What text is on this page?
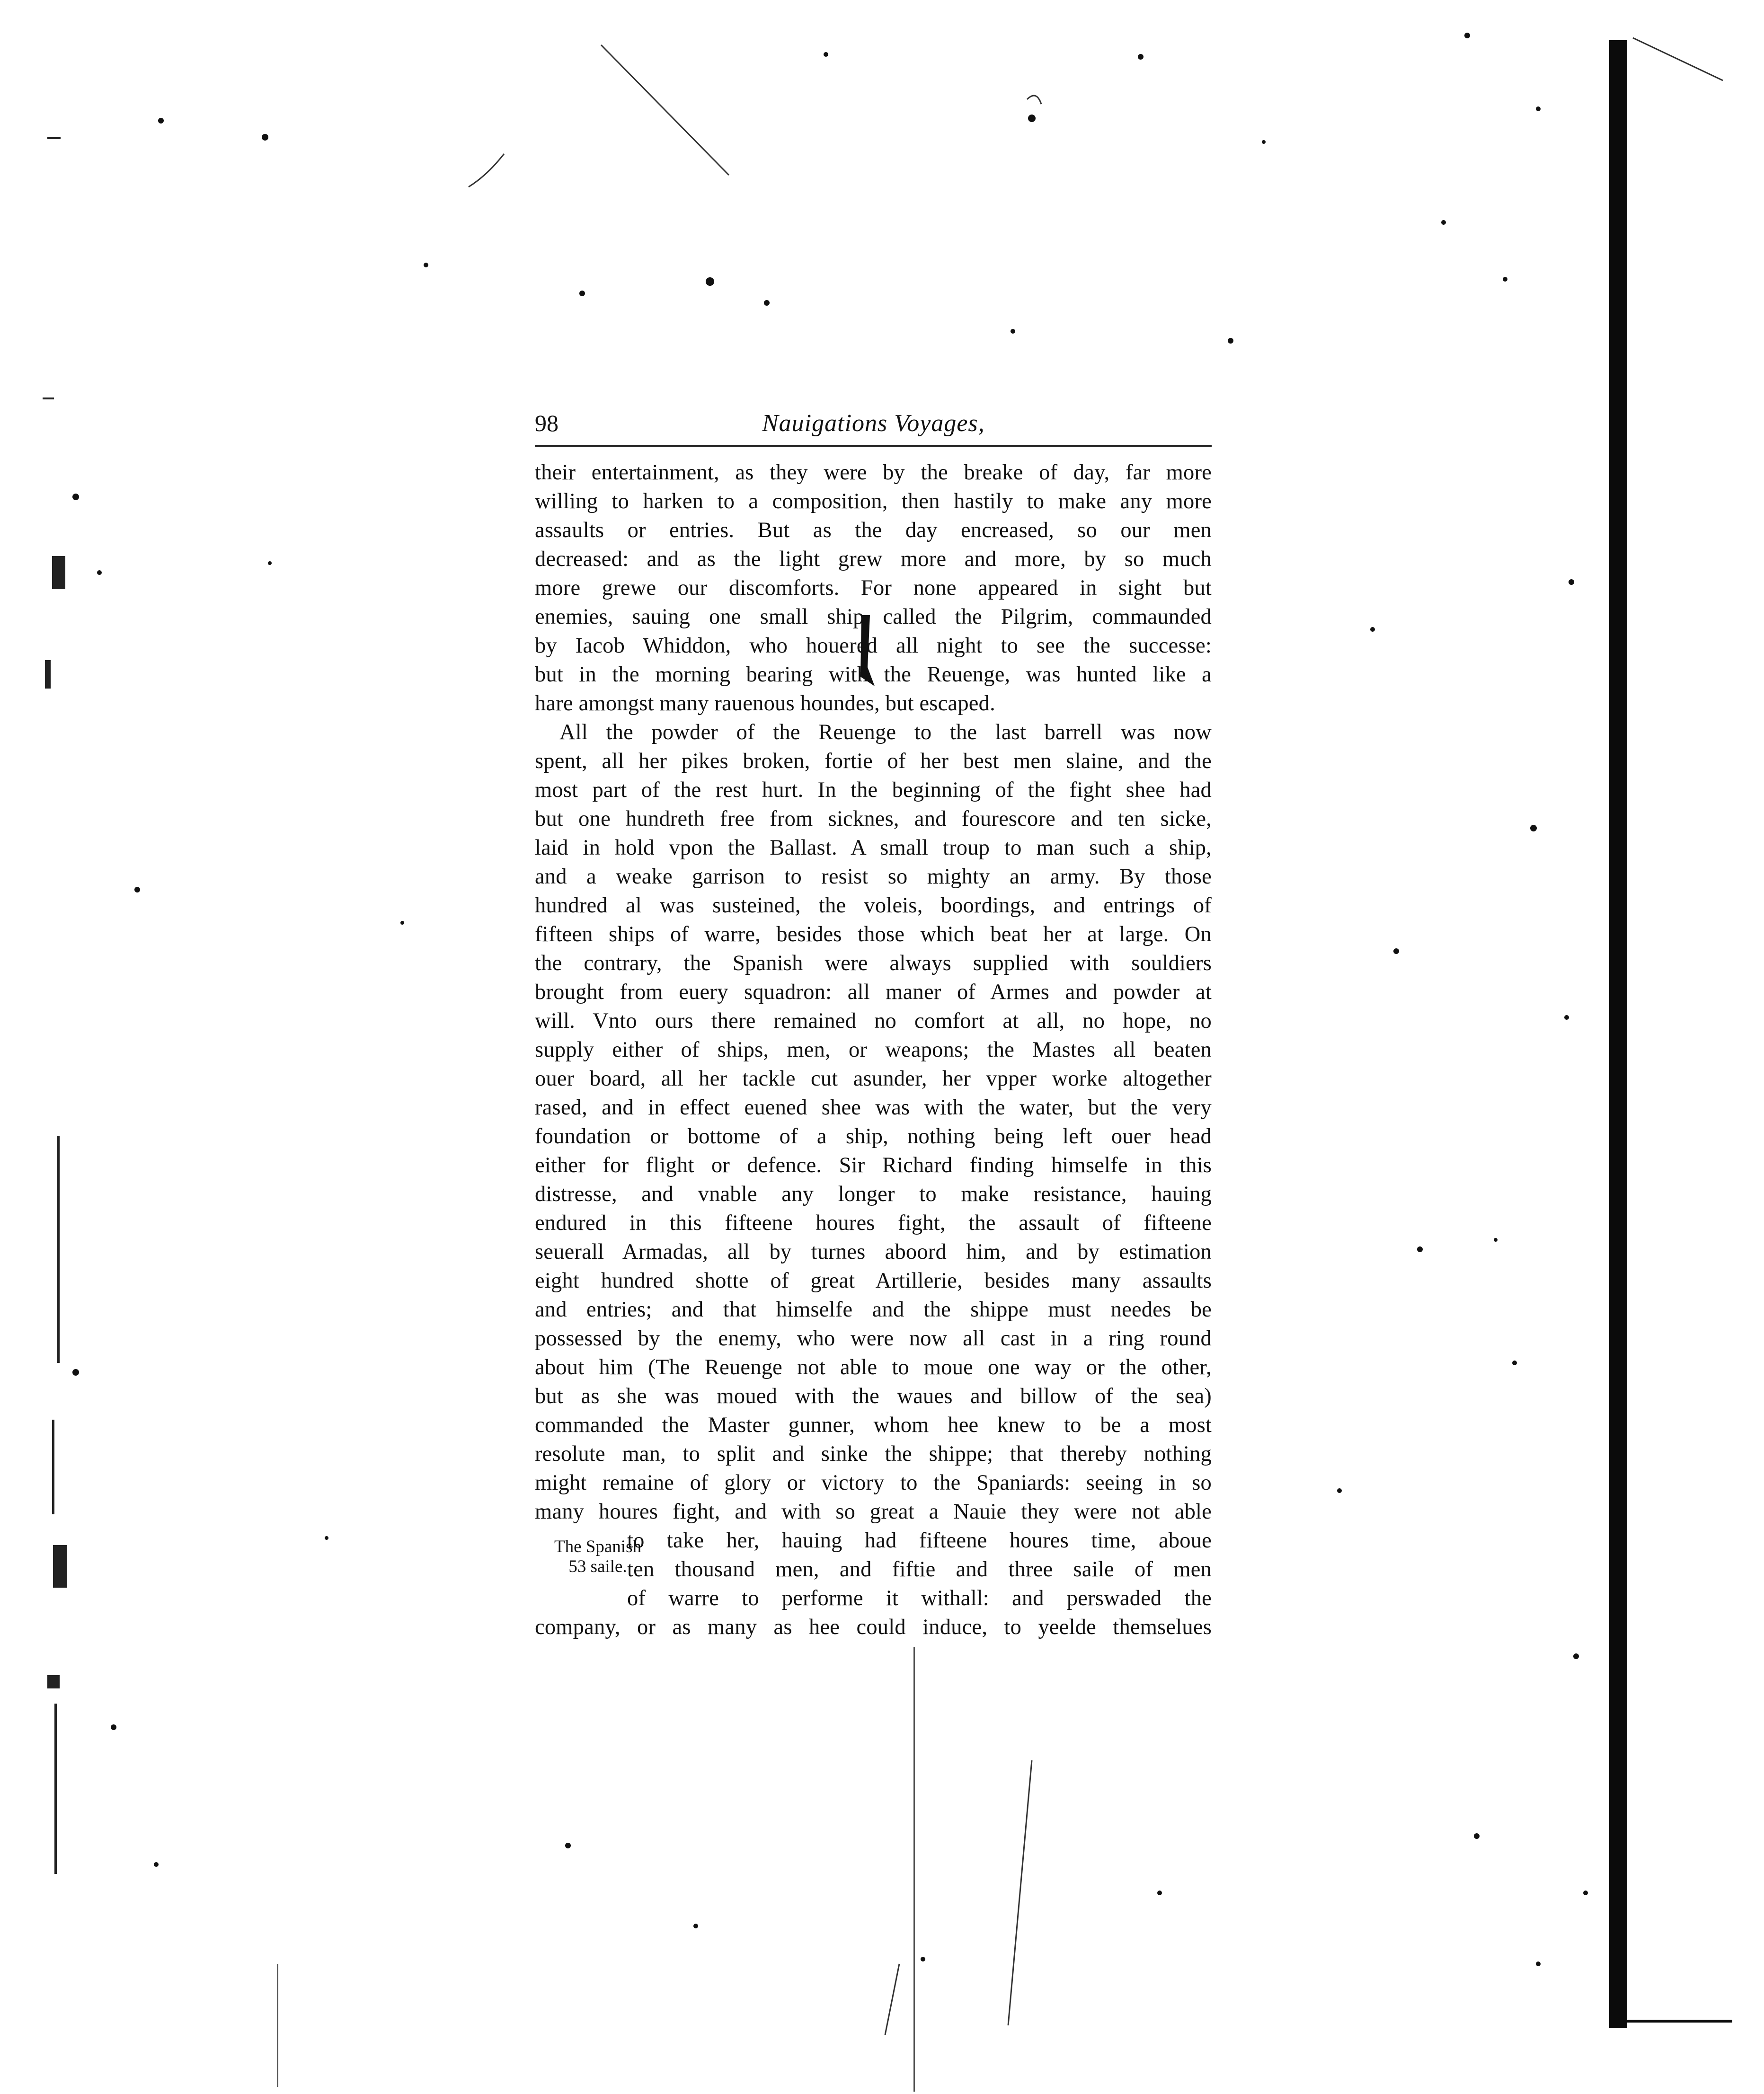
98	Nauigations Voyages,
their entertainment, as they were by the breake of day, far more
willing to harken to a composition, then hastily to make any more
assaults or entries. But as the day encreased, so our men
decreased: and as the light grew more and more, by so much
more grewe our discomforts. For none appeared in sight but
enemies, sauing one small ship called the Pilgrim, commaunded
by Iacob Whiddon, who houered all night to see the successe:
but in the morning bearing with the Reuenge, was hunted like a
hare amongst many rauenous houndes, but escaped.
All the powder of the Reuenge to the last barrell was now
spent, all her pikes broken, fortie of her best men slaine, and the
most part of the rest hurt. In the beginning of the fight shee had
but one hundreth free from sicknes, and fourescore and ten sicke,
laid in hold vpon the Ballast. A small troup to man such a ship,
and a weake garrison to resist so mighty an army. By those
hundred al was susteined, the voleis, boordings, and entrings of
fifteen ships of warre, besides those which beat her at large. On
the contrary, the Spanish were always supplied with souldiers
brought from euery squadron: all maner of Armes and powder at
will. Vnto ours there remained no comfort at all, no hope, no
supply either of ships, men, or weapons; the Mastes all beaten
ouer board, all her tackle cut asunder, her vpper worke altogether
rased, and in effect euened shee was with the water, but the very
foundation or bottome of a ship, nothing being left ouer head
either for flight or defence. Sir Richard finding himselfe in this
distresse, and vnable any longer to make resistance, hauing
endured in this fifteene houres fight, the assault of fifteene
seuerall Armadas, all by turnes aboord him, and by estimation
eight hundred shotte of great Artillerie, besides many assaults
and entries; and that himselfe and the shippe must needes be
possessed by the enemy, who were now all cast in a ring round
about him (The Reuenge not able to moue one way or the other,
but as she was moued with the waues and billow of the sea)
commanded the Master gunner, whom hee knew to be a most
resolute man, to split and sinke the shippe; that thereby nothing
might remaine of glory or victory to the Spaniards: seeing in so
many houres fight, and with so great a Nauie they were not able
to take her, hauing had fifteene houres time, aboue
ten thousand men, and fiftie and three saile of men
of warre to performe it withall: and perswaded the
company, or as many as hee could induce, to yeelde themselues
The Spanish
53 saile.
